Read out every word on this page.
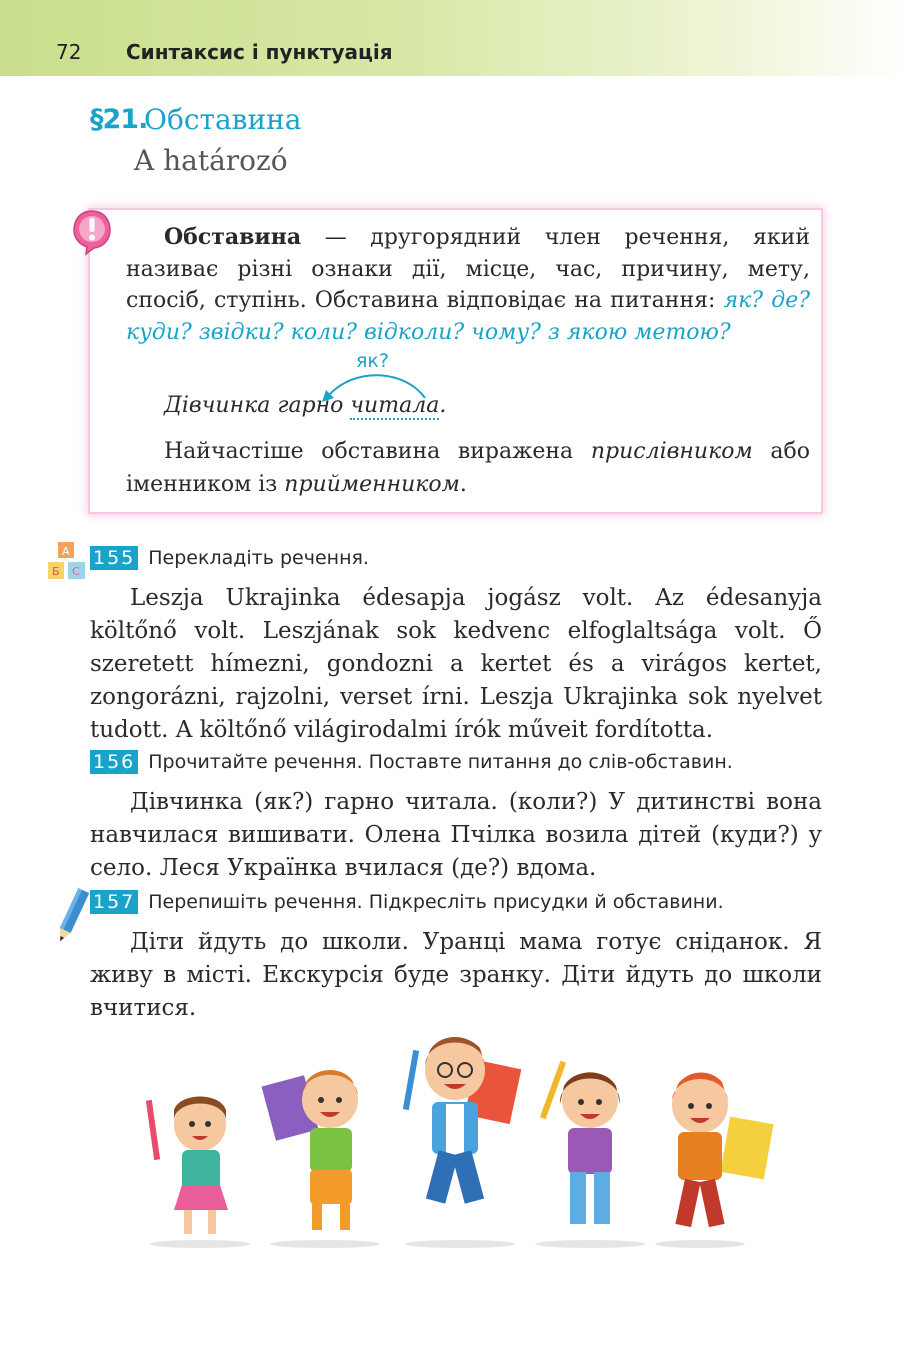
72 Синтаксис і пунктуація
§21.
Обставина
A határozó
Обставина — другорядний член речення, який називає різні ознаки дії, місце, час, причину, мету, спосіб, ступінь. Обставина відповідає на питання: як? де? куди? звідки? коли? відколи? чому? з якою метою?
як?
Дівчинка гарно читала.
Найчастіше обставина виражена прислівником або іменником із прийменником.
A
Б C
155 Перекладіть речення.
Leszja Ukrajinka édesapja jogász volt. Az édesanyja költőnő volt. Leszjának sok kedvenc elfoglaltsága volt. Ő szeretett hímezni, gondozni a kertet és a virágos kertet, zongorázni, rajzolni, verset írni. Leszja Ukrajinka sok nyelvet tudott. A költőnő világirodalmi írók műveit fordította.
156 Прочитайте речення. Поставте питання до слів-обставин.
Дівчинка (як?) гарно читала. (коли?) У дитинстві вона навчилася вишивати. Олена Пчілка возила дітей (куди?) у село. Леся Українка вчилася (де?) вдома.
157 Перепишіть речення. Підкресліть присудки й обставини.
Діти йдуть до школи. Уранці мама готує сніданок. Я живу в місті. Екскурсія буде зранку. Діти йдуть до школи вчитися.
